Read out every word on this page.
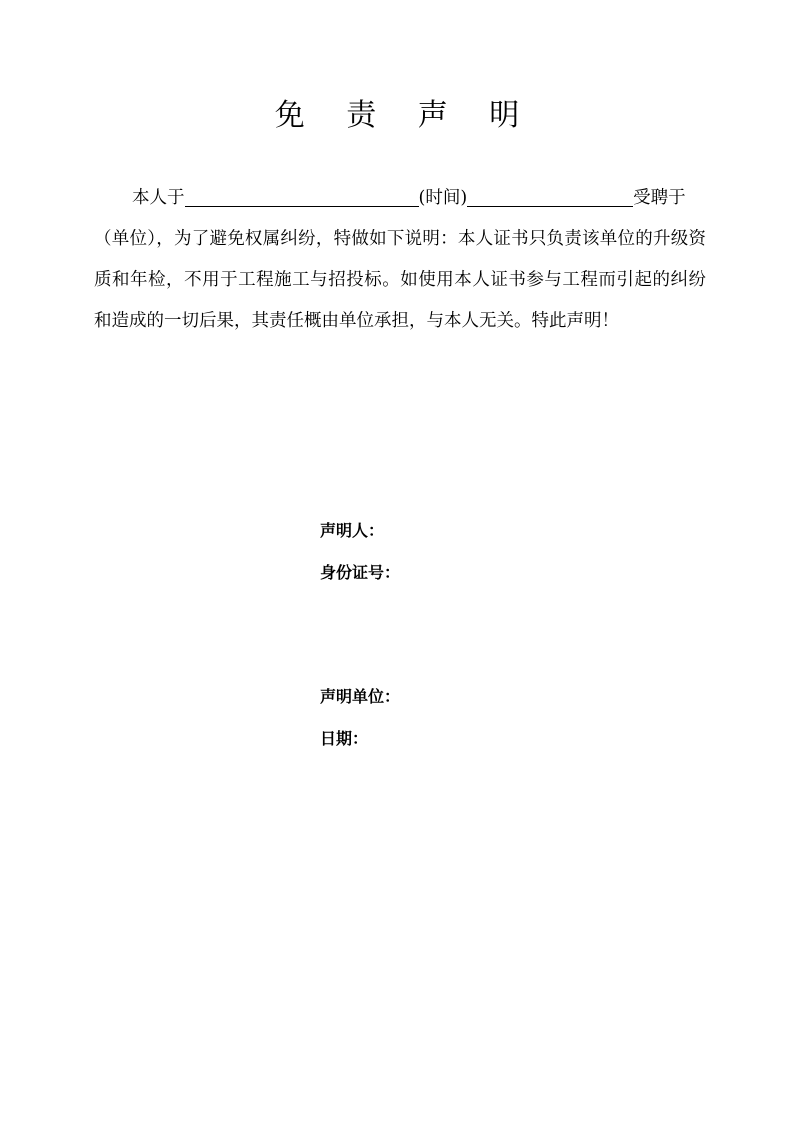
免 责 声 明
本人于	(时间)	受聘于
（单位），为了避免权属纠纷，特做如下说明：本人证书只负责该单位的升级资质和年检，不用于工程施工与招投标。如使用本人证书参与工程而引起的纠纷和造成的一切后果，其责任概由单位承担，与本人无关。特此声明！
声明人：
身份证号：
声明单位：
日期：
